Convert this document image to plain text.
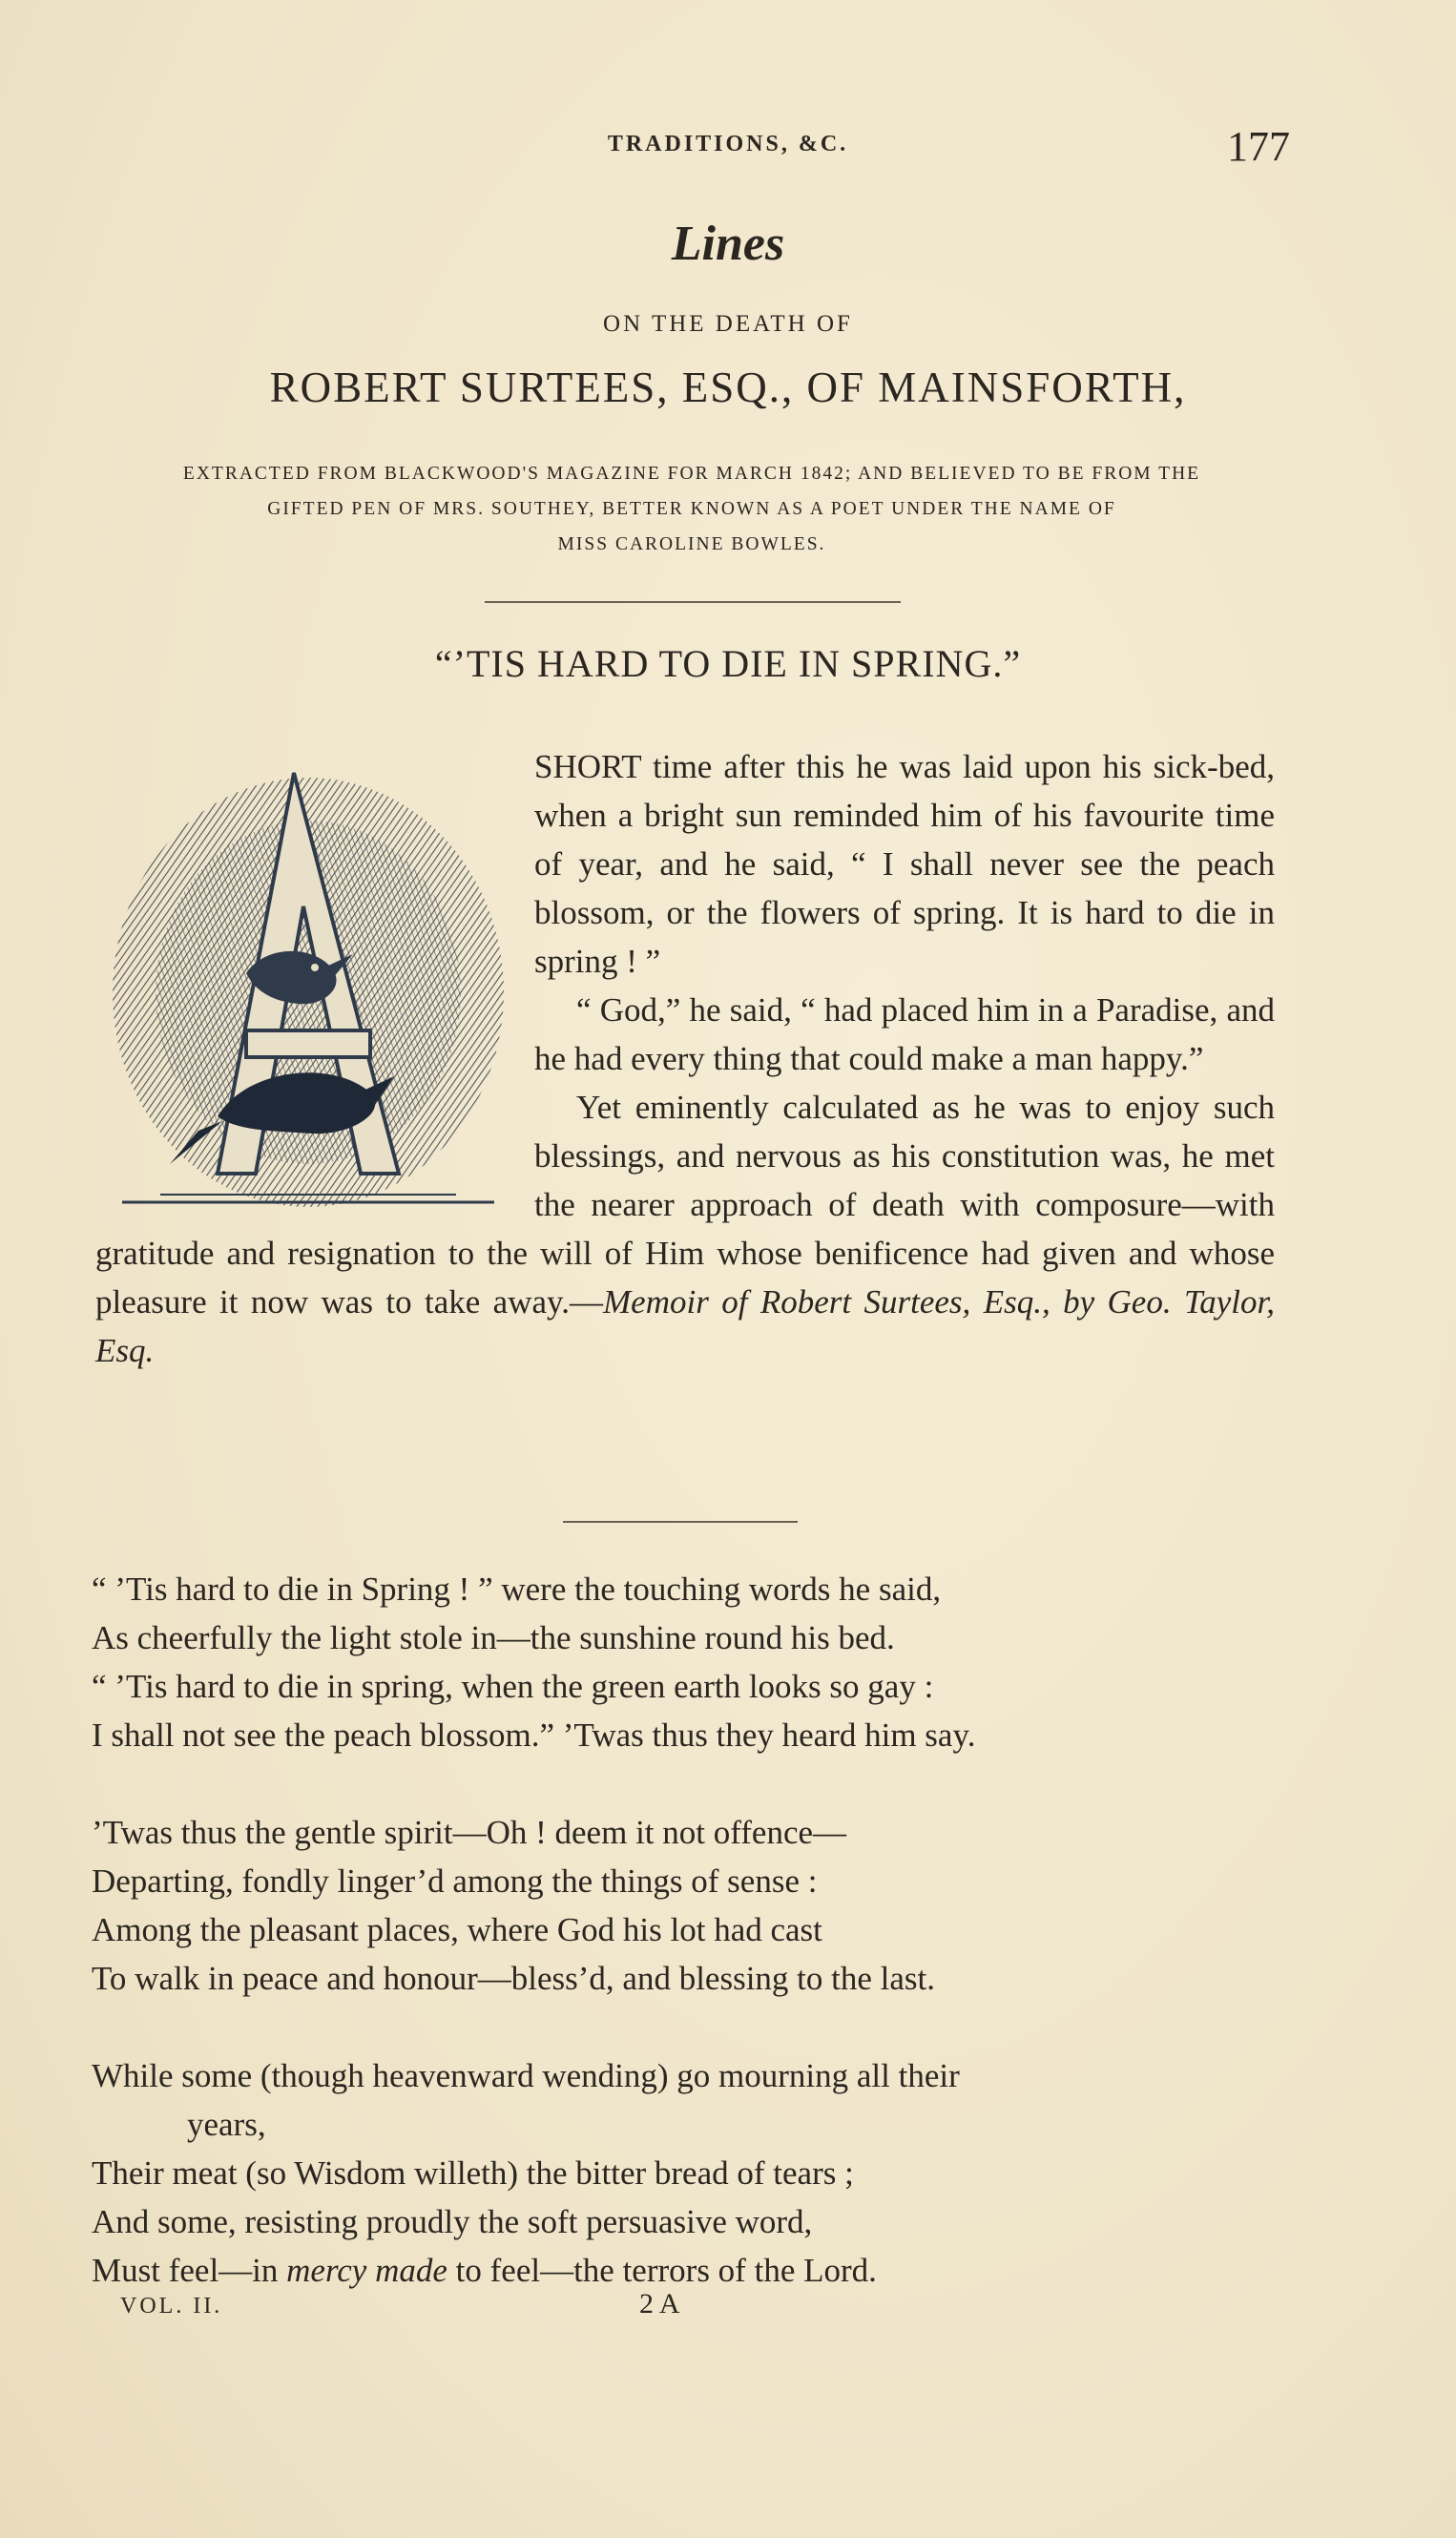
TRADITIONS, &C.	177
Lines
ON THE DEATH OF
ROBERT SURTEES, ESQ., OF MAINSFORTH,
EXTRACTED FROM BLACKWOOD'S MAGAZINE FOR MARCH 1842; AND BELIEVED TO BE FROM THE
GIFTED PEN OF MRS. SOUTHEY, BETTER KNOWN AS A POET UNDER THE NAME OF
MISS CAROLINE BOWLES.
“’TIS HARD TO DIE IN SPRING.”

SHORT time after this he was laid upon his sick-bed, when a bright sun reminded him of his favourite time of year, and he said, “ I shall never see the peach blossom, or the flowers of spring. It is hard to die in spring ! ”

“ God,” he said, “ had placed him in a Paradise, and he had every thing that could make a man happy.”

Yet eminently calculated as he was to enjoy such blessings, and nervous as his constitution was, he met the nearer approach of death with composure—with gratitude and resignation to the will of Him whose benificence had given and whose pleasure it now was to take away.—Memoir of Robert Surtees, Esq., by Geo. Taylor, Esq.

“ ’Tis hard to die in Spring ! ” were the touching words he said,
As cheerfully the light stole in—the sunshine round his bed.
“ ’Tis hard to die in spring, when the green earth looks so gay :
I shall not see the peach blossom.” ’Twas thus they heard him say.
’Twas thus the gentle spirit—Oh ! deem it not offence—
Departing, fondly linger’d among the things of sense :
Among the pleasant places, where God his lot had cast
To walk in peace and honour—bless’d, and blessing to the last.
While some (though heavenward wending) go mourning all their
years,
Their meat (so Wisdom willeth) the bitter bread of tears ;
And some, resisting proudly the soft persuasive word,
Must feel—in mercy made to feel—the terrors of the Lord.
VOL. II.	2 A
